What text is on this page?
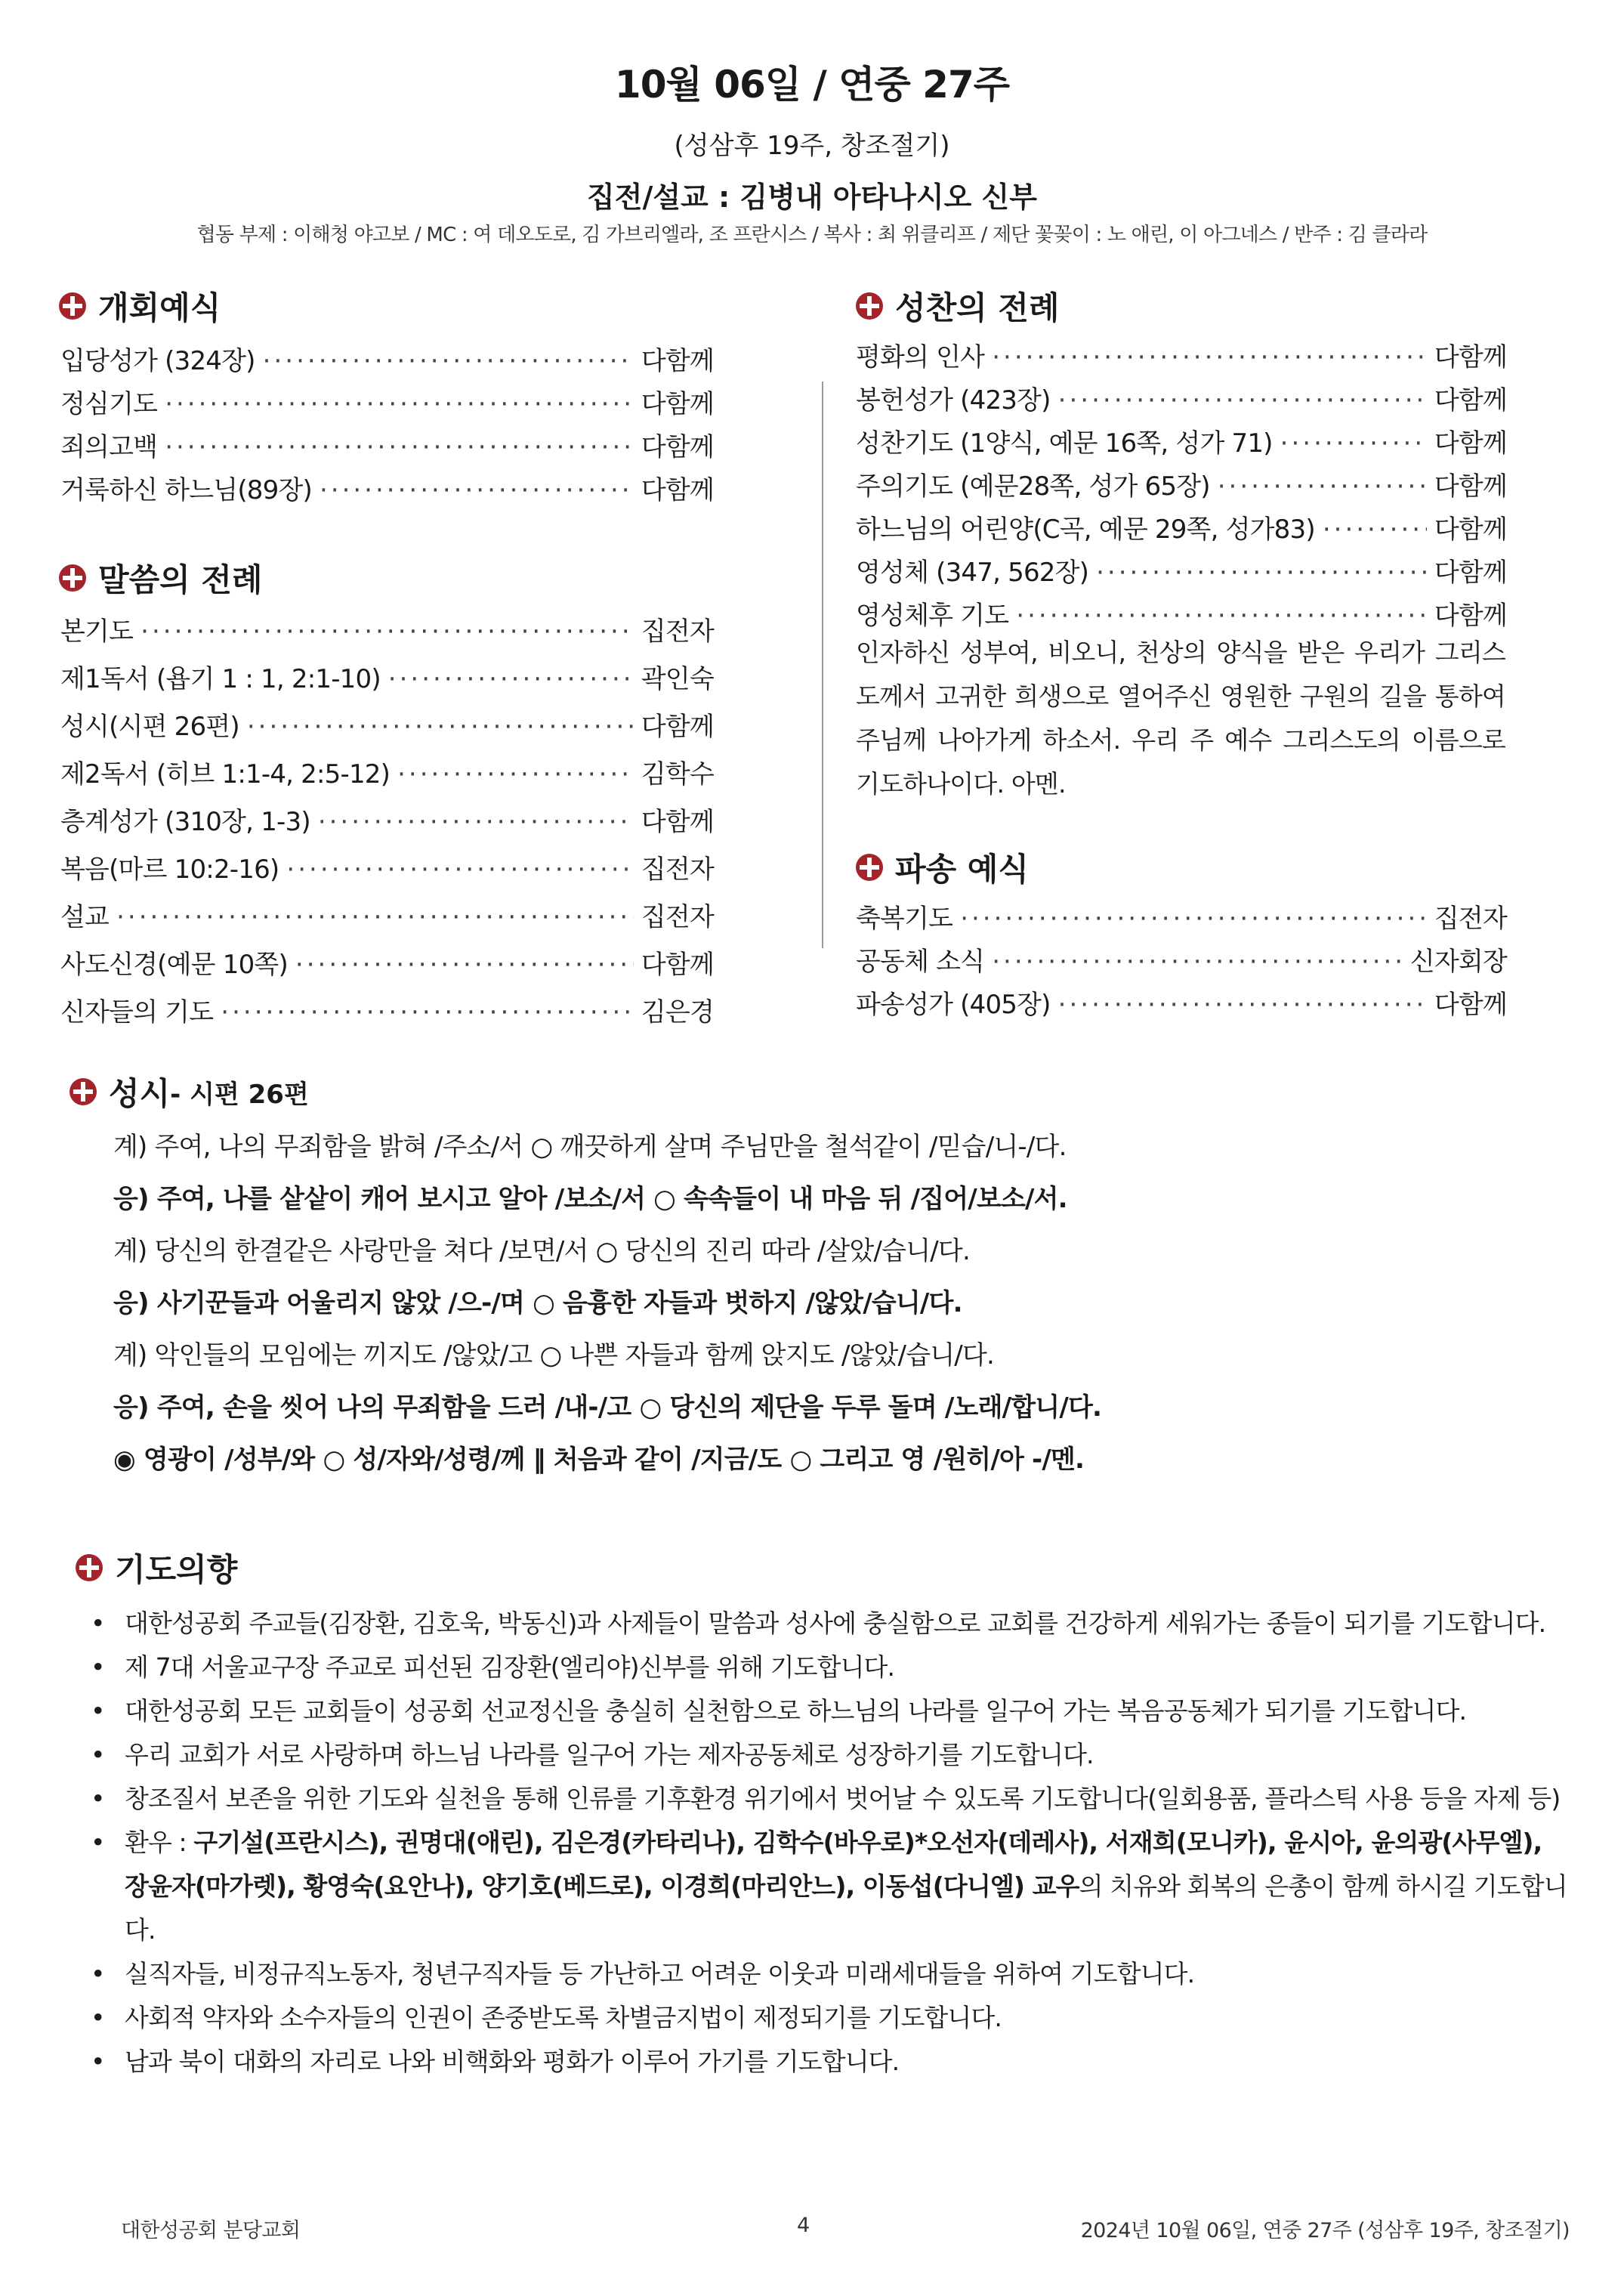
10월 06일 / 연중 27주
(성삼후 19주, 창조절기)
집전/설교 : 김병내 아타나시오 신부
협동 부제 : 이해청 야고보 / MC : 여 데오도로, 김 가브리엘라, 조 프란시스 / 복사 : 최 위클리프 / 제단 꽃꽂이 : 노 애린, 이 아그네스 / 반주 : 김 클라라
개회예식
입당성가 (324장) ·····	다함께
정심기도 ·····	다함께
죄의고백 ·····	다함께
거룩하신 하느님(89장) ·····	다함께
말씀의 전례
본기도 ·····	집전자
제1독서 (욥기 1 : 1, 2:1-10) ·····	곽인숙
성시(시편 26편) ·····	다함께
제2독서 (히브 1:1-4, 2:5-12) ·····	김학수
층계성가 (310장, 1-3) ·····	다함께
복음(마르 10:2-16) ·····	집전자
설교 ·····	집전자
사도신경(예문 10쪽) ·····	다함께
신자들의 기도 ·····	김은경
성찬의 전례
평화의 인사 ·····	다함께
봉헌성가 (423장) ·····	다함께
성찬기도 (1양식, 예문 16쪽, 성가 71) ·····	다함께
주의기도 (예문28쪽, 성가 65장) ·····	다함께
하느님의 어린양(C곡, 예문 29쪽, 성가83) ·····	다함께
영성체 (347, 562장) ·····	다함께
영성체후 기도 ·····	다함께
인자하신 성부여, 비오니, 천상의 양식을 받은 우리가 그리스도께서 고귀한 희생으로 열어주신 영원한 구원의 길을 통하여 주님께 나아가게 하소서. 우리 주 예수 그리스도의 이름으로 기도하나이다. 아멘.
파송 예식
축복기도 ·····	집전자
공동체 소식 ·····	신자회장
파송성가 (405장) ·····	다함께
성시 - 시편 26편
계) 주여, 나의 무죄함을 밝혀 /주소/서 ○ 깨끗하게 살며 주님만을 철석같이 /믿습/니-/다.
응) 주여, 나를 샅샅이 캐어 보시고 알아 /보소/서 ○ 속속들이 내 마음 뒤 /집어/보소/서.
계) 당신의 한결같은 사랑만을 쳐다 /보면/서 ○ 당신의 진리 따라 /살았/습니/다.
응) 사기꾼들과 어울리지 않았 /으-/며 ○ 음흉한 자들과 벗하지 /않았/습니/다.
계) 악인들의 모임에는 끼지도 /않았/고 ○ 나쁜 자들과 함께 앉지도 /않았/습니/다.
응) 주여, 손을 씻어 나의 무죄함을 드러 /내-/고 ○ 당신의 제단을 두루 돌며 /노래/합니/다.
◉ 영광이 /성부/와 ○ 성/자와/성령/께 ‖ 처음과 같이 /지금/도 ○ 그리고 영 /원히/아 -/멘.
기도의향
• 대한성공회 주교들(김장환, 김호욱, 박동신)과 사제들이 말씀과 성사에 충실함으로 교회를 건강하게 세워가는 종들이 되기를 기도합니다.
• 제 7대 서울교구장 주교로 피선된 김장환(엘리야)신부를 위해 기도합니다.
• 대한성공회 모든 교회들이 성공회 선교정신을 충실히 실천함으로 하느님의 나라를 일구어 가는 복음공동체가 되기를 기도합니다.
• 우리 교회가 서로 사랑하며 하느님 나라를 일구어 가는 제자공동체로 성장하기를 기도합니다.
• 창조질서 보존을 위한 기도와 실천을 통해 인류를 기후환경 위기에서 벗어날 수 있도록 기도합니다(일회용품, 플라스틱 사용 등을 자제 등)
• 환우 : 구기설(프란시스), 권명대(애린), 김은경(카타리나), 김학수(바우로)*오선자(데레사), 서재희(모니카), 윤시아, 윤의광(사무엘), 장윤자(마가렛), 황영숙(요안나), 양기호(베드로), 이경희(마리안느), 이동섭(다니엘) 교우의 치유와 회복의 은총이 함께 하시길 기도합니다.
• 실직자들, 비정규직노동자, 청년구직자들 등 가난하고 어려운 이웃과 미래세대들을 위하여 기도합니다.
• 사회적 약자와 소수자들의 인권이 존중받도록 차별금지법이 제정되기를 기도합니다.
• 남과 북이 대화의 자리로 나와 비핵화와 평화가 이루어 가기를 기도합니다.
대한성공회 분당교회	4	2024년 10월 06일, 연중 27주 (성삼후 19주, 창조절기)
